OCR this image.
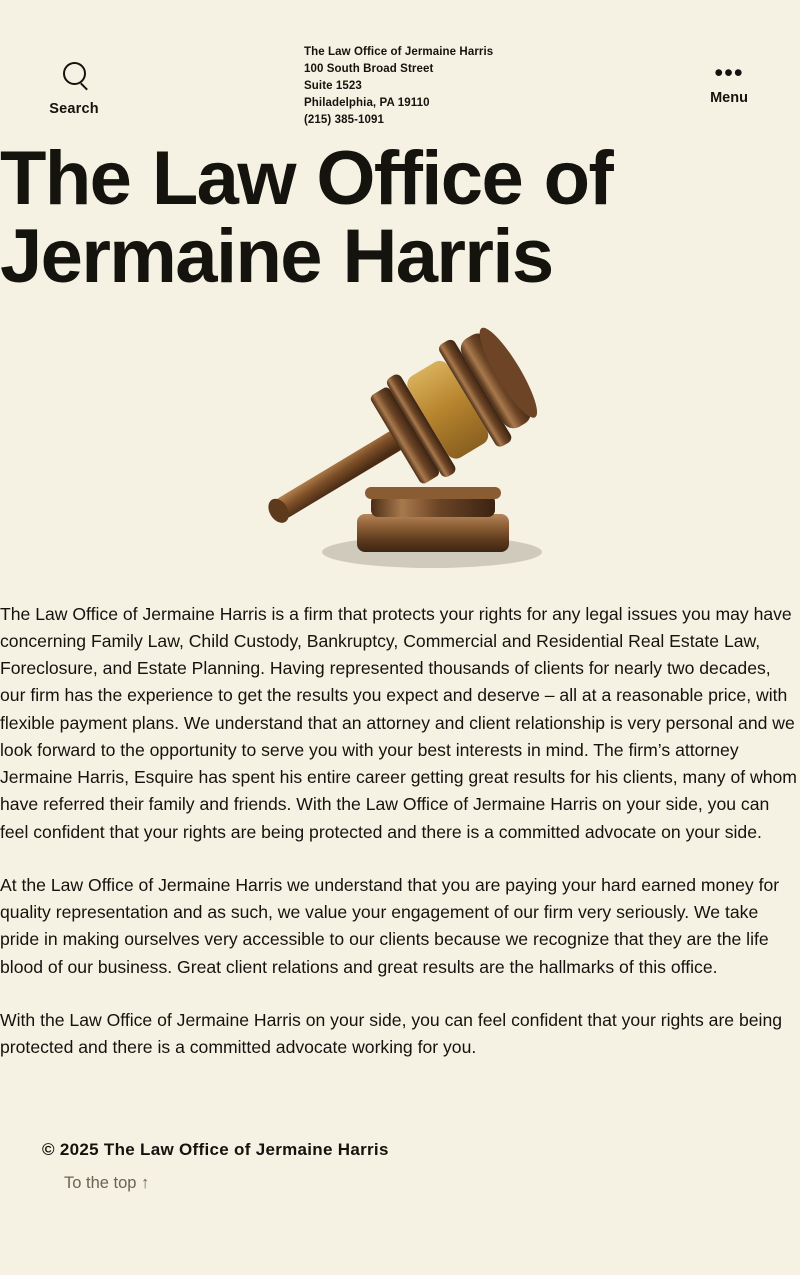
Search
The Law Office of Jermaine Harris
100 South Broad Street
Suite 1523
Philadelphia, PA 19110
(215) 385-1091
•••
Menu
The Law Office of
Jermaine Harris

The Law Office of Jermaine Harris is a firm that protects your rights for any legal issues you may have concerning Family Law, Child Custody, Bankruptcy, Commercial and Residential Real Estate Law, Foreclosure, and Estate Planning. Having represented thousands of clients for nearly two decades, our firm has the experience to get the results you expect and deserve – all at a reasonable price, with flexible payment plans. We understand that an attorney and client relationship is very personal and we look forward to the opportunity to serve you with your best interests in mind. The firm’s attorney Jermaine Harris, Esquire has spent his entire career getting great results for his clients, many of whom have referred their family and friends. With the Law Office of Jermaine Harris on your side, you can feel confident that your rights are being protected and there is a committed advocate on your side.

At the Law Office of Jermaine Harris we understand that you are paying your hard earned money for quality representation and as such, we value your engagement of our firm very seriously. We take pride in making ourselves very accessible to our clients because we recognize that they are the life blood of our business. Great client relations and great results are the hallmarks of this office.

With the Law Office of Jermaine Harris on your side, you can feel confident that your rights are being protected and there is a committed advocate working for you.

© 2025 The Law Office of Jermaine Harris

To the top ↑
